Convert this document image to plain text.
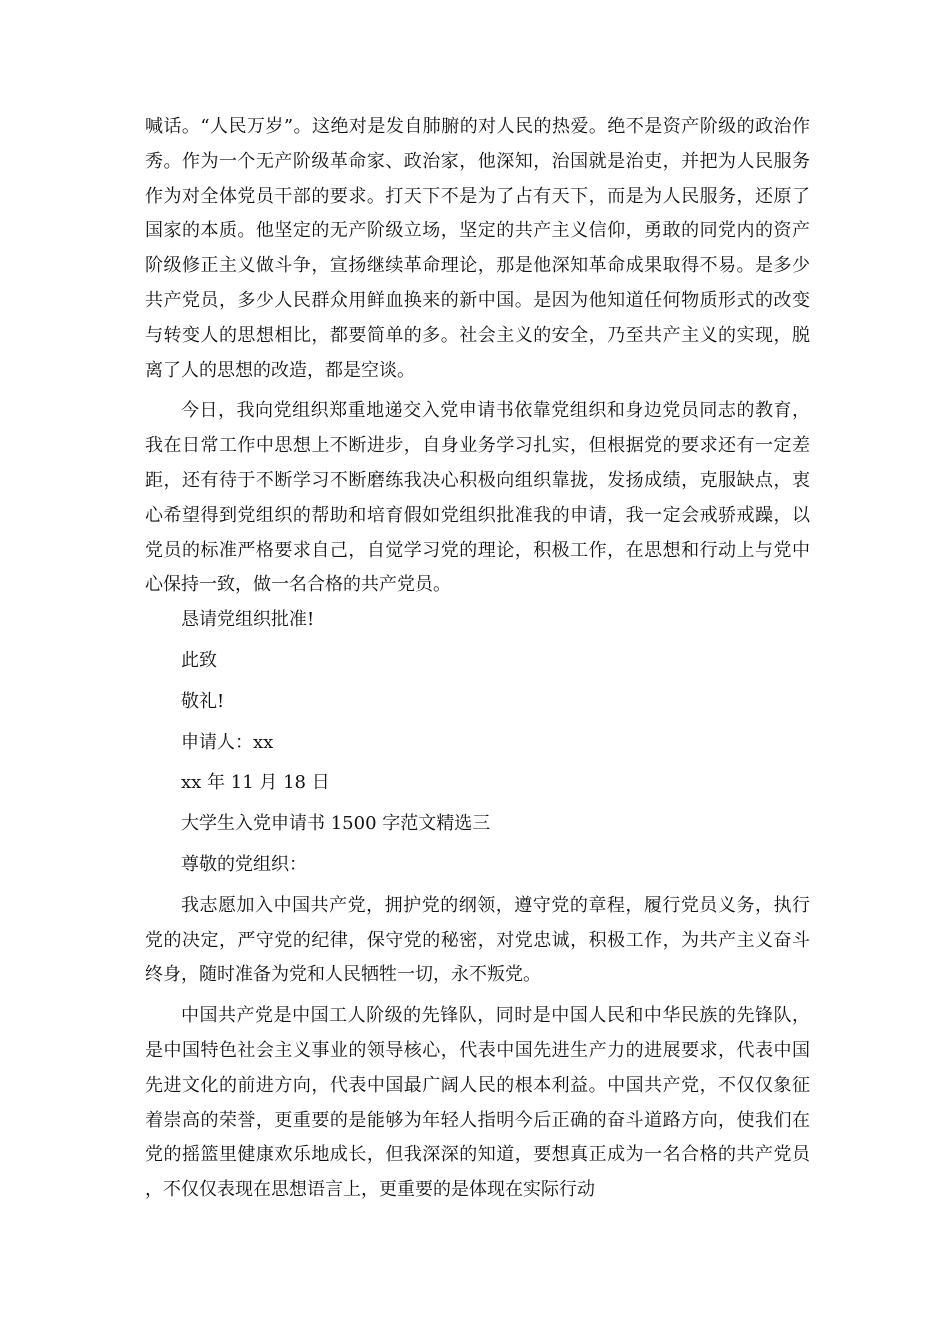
喊话。“人民万岁”。这绝对是发自肺腑的对人民的热爱。绝不是资产阶级的政治作秀。作为一个无产阶级革命家、政治家，他深知，治国就是治吏，并把为人民服务作为对全体党员干部的要求。打天下不是为了占有天下，而是为人民服务，还原了国家的本质。他坚定的无产阶级立场，坚定的共产主义信仰，勇敢的同党内的资产阶级修正主义做斗争，宣扬继续革命理论，那是他深知革命成果取得不易。是多少共产党员，多少人民群众用鲜血换来的新中国。是因为他知道任何物质形式的改变与转变人的思想相比，都要简单的多。社会主义的安全，乃至共产主义的实现，脱离了人的思想的改造，都是空谈。

今日，我向党组织郑重地递交入党申请书依靠党组织和身边党员同志的教育，我在日常工作中思想上不断进步，自身业务学习扎实，但根据党的要求还有一定差距，还有待于不断学习不断磨练我决心积极向组织靠拢，发扬成绩，克服缺点，衷心希望得到党组织的帮助和培育假如党组织批准我的申请，我一定会戒骄戒躁，以党员的标准严格要求自己，自觉学习党的理论，积极工作，在思想和行动上与党中心保持一致，做一名合格的共产党员。

恳请党组织批准!

此致

敬礼!

申请人：xx

xx 年 11 月 18 日

大学生入党申请书 1500 字范文精选三

尊敬的党组织：

我志愿加入中国共产党，拥护党的纲领，遵守党的章程，履行党员义务，执行党的决定，严守党的纪律，保守党的秘密，对党忠诚，积极工作，为共产主义奋斗终身，随时准备为党和人民牺牲一切，永不叛党。

中国共产党是中国工人阶级的先锋队，同时是中国人民和中华民族的先锋队，是中国特色社会主义事业的领导核心，代表中国先进生产力的进展要求，代表中国先进文化的前进方向，代表中国最广阔人民的根本利益。中国共产党，不仅仅象征着崇高的荣誉，更重要的是能够为年轻人指明今后正确的奋斗道路方向，使我们在党的摇篮里健康欢乐地成长，但我深深的知道，要想真正成为一名合格的共产党员，不仅仅表现在思想语言上，更重要的是体现在实际行动
